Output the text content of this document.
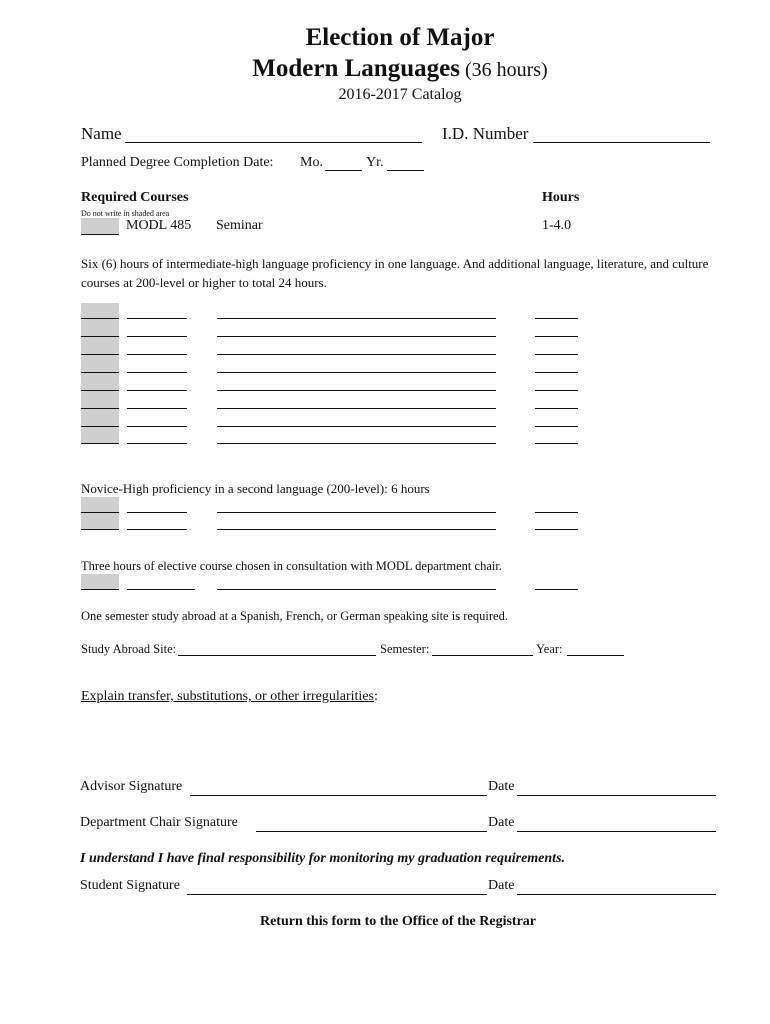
Election of Major
Modern Languages (36 hours)
2016-2017 Catalog
Name	I.D. Number
Planned Degree Completion Date: Mo.	Yr.
Required Courses	Hours
Do not write in shaded area
MODL 485 Seminar	1-4.0
Six (6) hours of intermediate-high language proficiency in one language. And additional language, literature, and culture courses at 200-level or higher to total 24 hours.
Novice-High proficiency in a second language (200-level): 6 hours
Three hours of elective course chosen in consultation with MODL department chair.
One semester study abroad at a Spanish, French, or German speaking site is required.
Study Abroad Site:	Semester:	Year:
Explain transfer, substitutions, or other irregularities:
Advisor Signature	Date
Department Chair Signature	Date
I understand I have final responsibility for monitoring my graduation requirements.
Student Signature	Date
Return this form to the Office of the Registrar
